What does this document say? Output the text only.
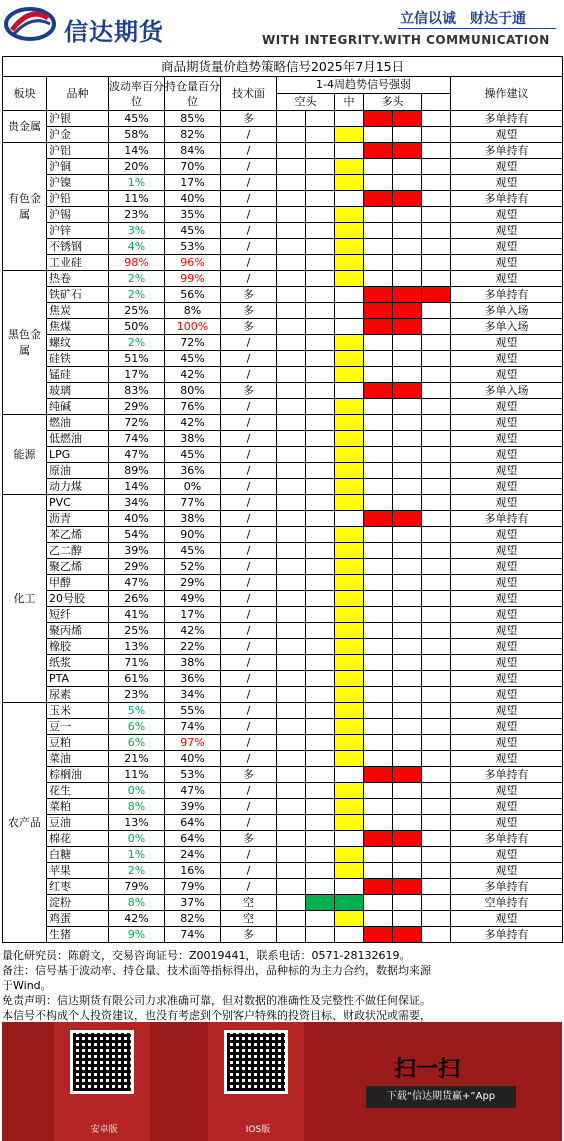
信达期货	立信以诚　财达于通
WITH INTEGRITY.WITH COMMUNICATION
商品期货量价趋势策略信号2025年7月15日											
板块	品种	波动率百分位	持仓量百分位	技术面	1-4周趋势信号强弱						操作建议
					空头		中	多头			
贵金属	沪银	45%	85%	多							多单持有
	沪金	58%	82%	/							观望
有色金属	沪铝	14%	84%	/							多单持有
	沪铜	20%	70%	/							观望
	沪镍	1%	17%	/							观望
	沪铅	11%	40%	/							多单持有
	沪锡	23%	35%	/							观望
	沪锌	3%	45%	/							观望
	不锈钢	4%	53%	/							观望
	工业硅	98%	96%	/							观望
黑色金属	热卷	2%	99%	/							观望
	铁矿石	2%	56%	多							多单持有
	焦炭	25%	8%	多							多单入场
	焦煤	50%	100%	多							多单入场
	螺纹	2%	72%	/							观望
	硅铁	51%	45%	/							观望
	锰硅	17%	42%	/							观望
	玻璃	83%	80%	多							多单入场
	纯碱	29%	76%	/							观望
能源	燃油	72%	42%	/							观望
	低燃油	74%	38%	/							观望
	LPG	47%	45%	/							观望
	原油	89%	36%	/							观望
	动力煤	14%	0%	/							观望
化工	PVC	34%	77%	/							观望
	沥青	40%	38%	/							多单持有
	苯乙烯	54%	90%	/							观望
	乙二醇	39%	45%	/							观望
	聚乙烯	29%	52%	/							观望
	甲醇	47%	29%	/							观望
	20号胶	26%	49%	/							观望
	短纤	41%	17%	/							观望
	聚丙烯	25%	42%	/							观望
	橡胶	13%	22%	/							观望
	纸浆	71%	38%	/							观望
	PTA	61%	36%	/							观望
	尿素	23%	34%	/							观望
农产品	玉米	5%	55%	/							观望
	豆一	6%	74%	/							观望
	豆粕	6%	97%	/							观望
	菜油	21%	40%	/							观望
	棕榈油	11%	53%	多							多单持有
	花生	0%	47%	/							观望
	菜粕	8%	39%	/							观望
	豆油	13%	64%	/							观望
	棉花	0%	64%	多							多单持有
	白糖	1%	24%	/							观望
	苹果	2%	16%	/							观望
	红枣	79%	79%	/							多单持有
	淀粉	8%	37%	空							空单持有
	鸡蛋	42%	82%	空							观望
	生猪	9%	74%	多							多单持有
量化研究员：陈蔚文，交易咨询证号：Z0019441，联系电话：0571-28132619。
备注：信号基于波动率、持仓量、技术面等指标得出，品种标的为主力合约，数据均来源
于Wind。
免责声明：信达期货有限公司力求准确可靠，但对数据的准确性及完整性不做任何保证。
本信号不构成个人投资建议，也没有考虑到个别客户特殊的投资目标、财政状况或需要，
安卓版	IOS版
扫一扫
下载“信达期货赢+”App
